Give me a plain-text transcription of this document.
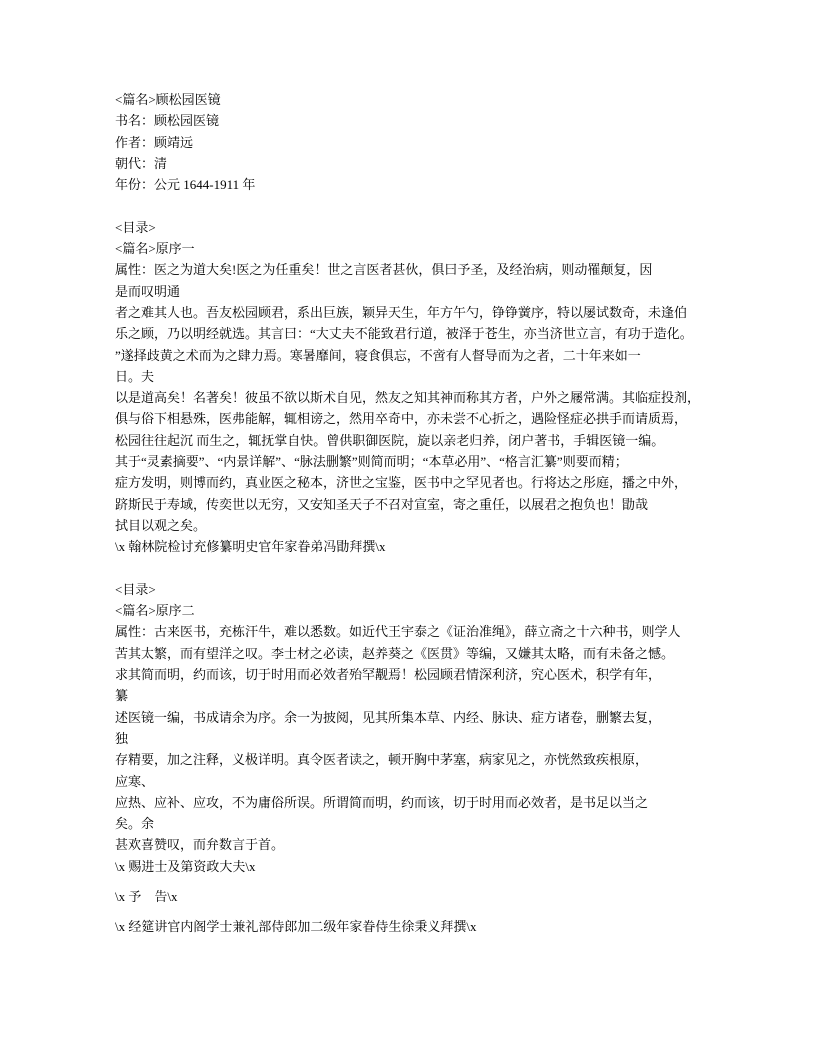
<篇名>顾松园医镜
书名：顾松园医镜
作者：顾靖远
朝代：清
年份：公元 1644-1911 年
<目录>
<篇名>原序一
属性：医之为道大矣!医之为任重矣！世之言医者甚伙，俱曰予圣，及经治病，则动罹颠复，因
是而叹明通
者之难其人也。吾友松园顾君，系出巨族，颖异天生，年方午勺，铮铮黉序，特以屡试数奇，未逢伯
乐之顾，乃以明经就选。其言曰：“大丈夫不能致君行道，被泽于苍生，亦当济世立言，有功于造化。
”遂择歧黄之术而为之肆力焉。寒暑靡间，寝食俱忘，不啻有人督导而为之者，二十年来如一
日。夫
以是道高矣！名著矣！彼虽不欲以斯术自见，然友之知其神而称其方者，户外之屦常满。其临症投剂，
俱与俗下相悬殊，医弗能解，辄相谤之，然用卒奇中，亦未尝不心折之，遇险怪症必拱手而请质焉，
松园往往起沉 而生之，辄抚掌自快。曾供职御医院，旋以亲老归养，闭户著书，手辑医镜一编。
其于“灵素摘要”、“内景详解”、“脉法删繁”则简而明；“本草必用”、“格言汇纂”则要而精；
症方发明，则博而约，真业医之秘本，济世之宝鉴，医书中之罕见者也。行将达之彤庭，播之中外，
跻斯民于寿域，传奕世以无穷，又安知圣天子不召对宣室，寄之重任，以展君之抱负也！勖哉
拭目以观之矣。
\x 翰林院检讨充修纂明史官年家眷弟冯勖拜撰\x
<目录>
<篇名>原序二
属性：古来医书，充栋汗牛，难以悉数。如近代王宇泰之《证治准绳》，薛立斋之十六种书，则学人
苦其太繁，而有望洋之叹。李士材之必读，赵养葵之《医贯》等编，又嫌其太略，而有未备之憾。
求其简而明，约而该，切于时用而必效者殆罕觏焉！松园顾君情深利济，究心医术，积学有年，
纂
述医镜一编，书成请余为序。余一为披阅，见其所集本草、内经、脉诀、症方诸卷，删繁去复，
独
存精要，加之注释，义极详明。真令医者读之，顿开胸中茅塞，病家见之，亦恍然致疾根原，
应寒、
应热、应补、应攻，不为庸俗所误。所谓简而明，约而该，切于时用而必效者，是书足以当之
矣。余
甚欢喜赞叹，而弁数言于首。
\x 赐进士及第资政大夫\x
\x 予　告\x
\x 经筵讲官内阁学士兼礼部侍郎加二级年家眷侍生徐秉义拜撰\x
